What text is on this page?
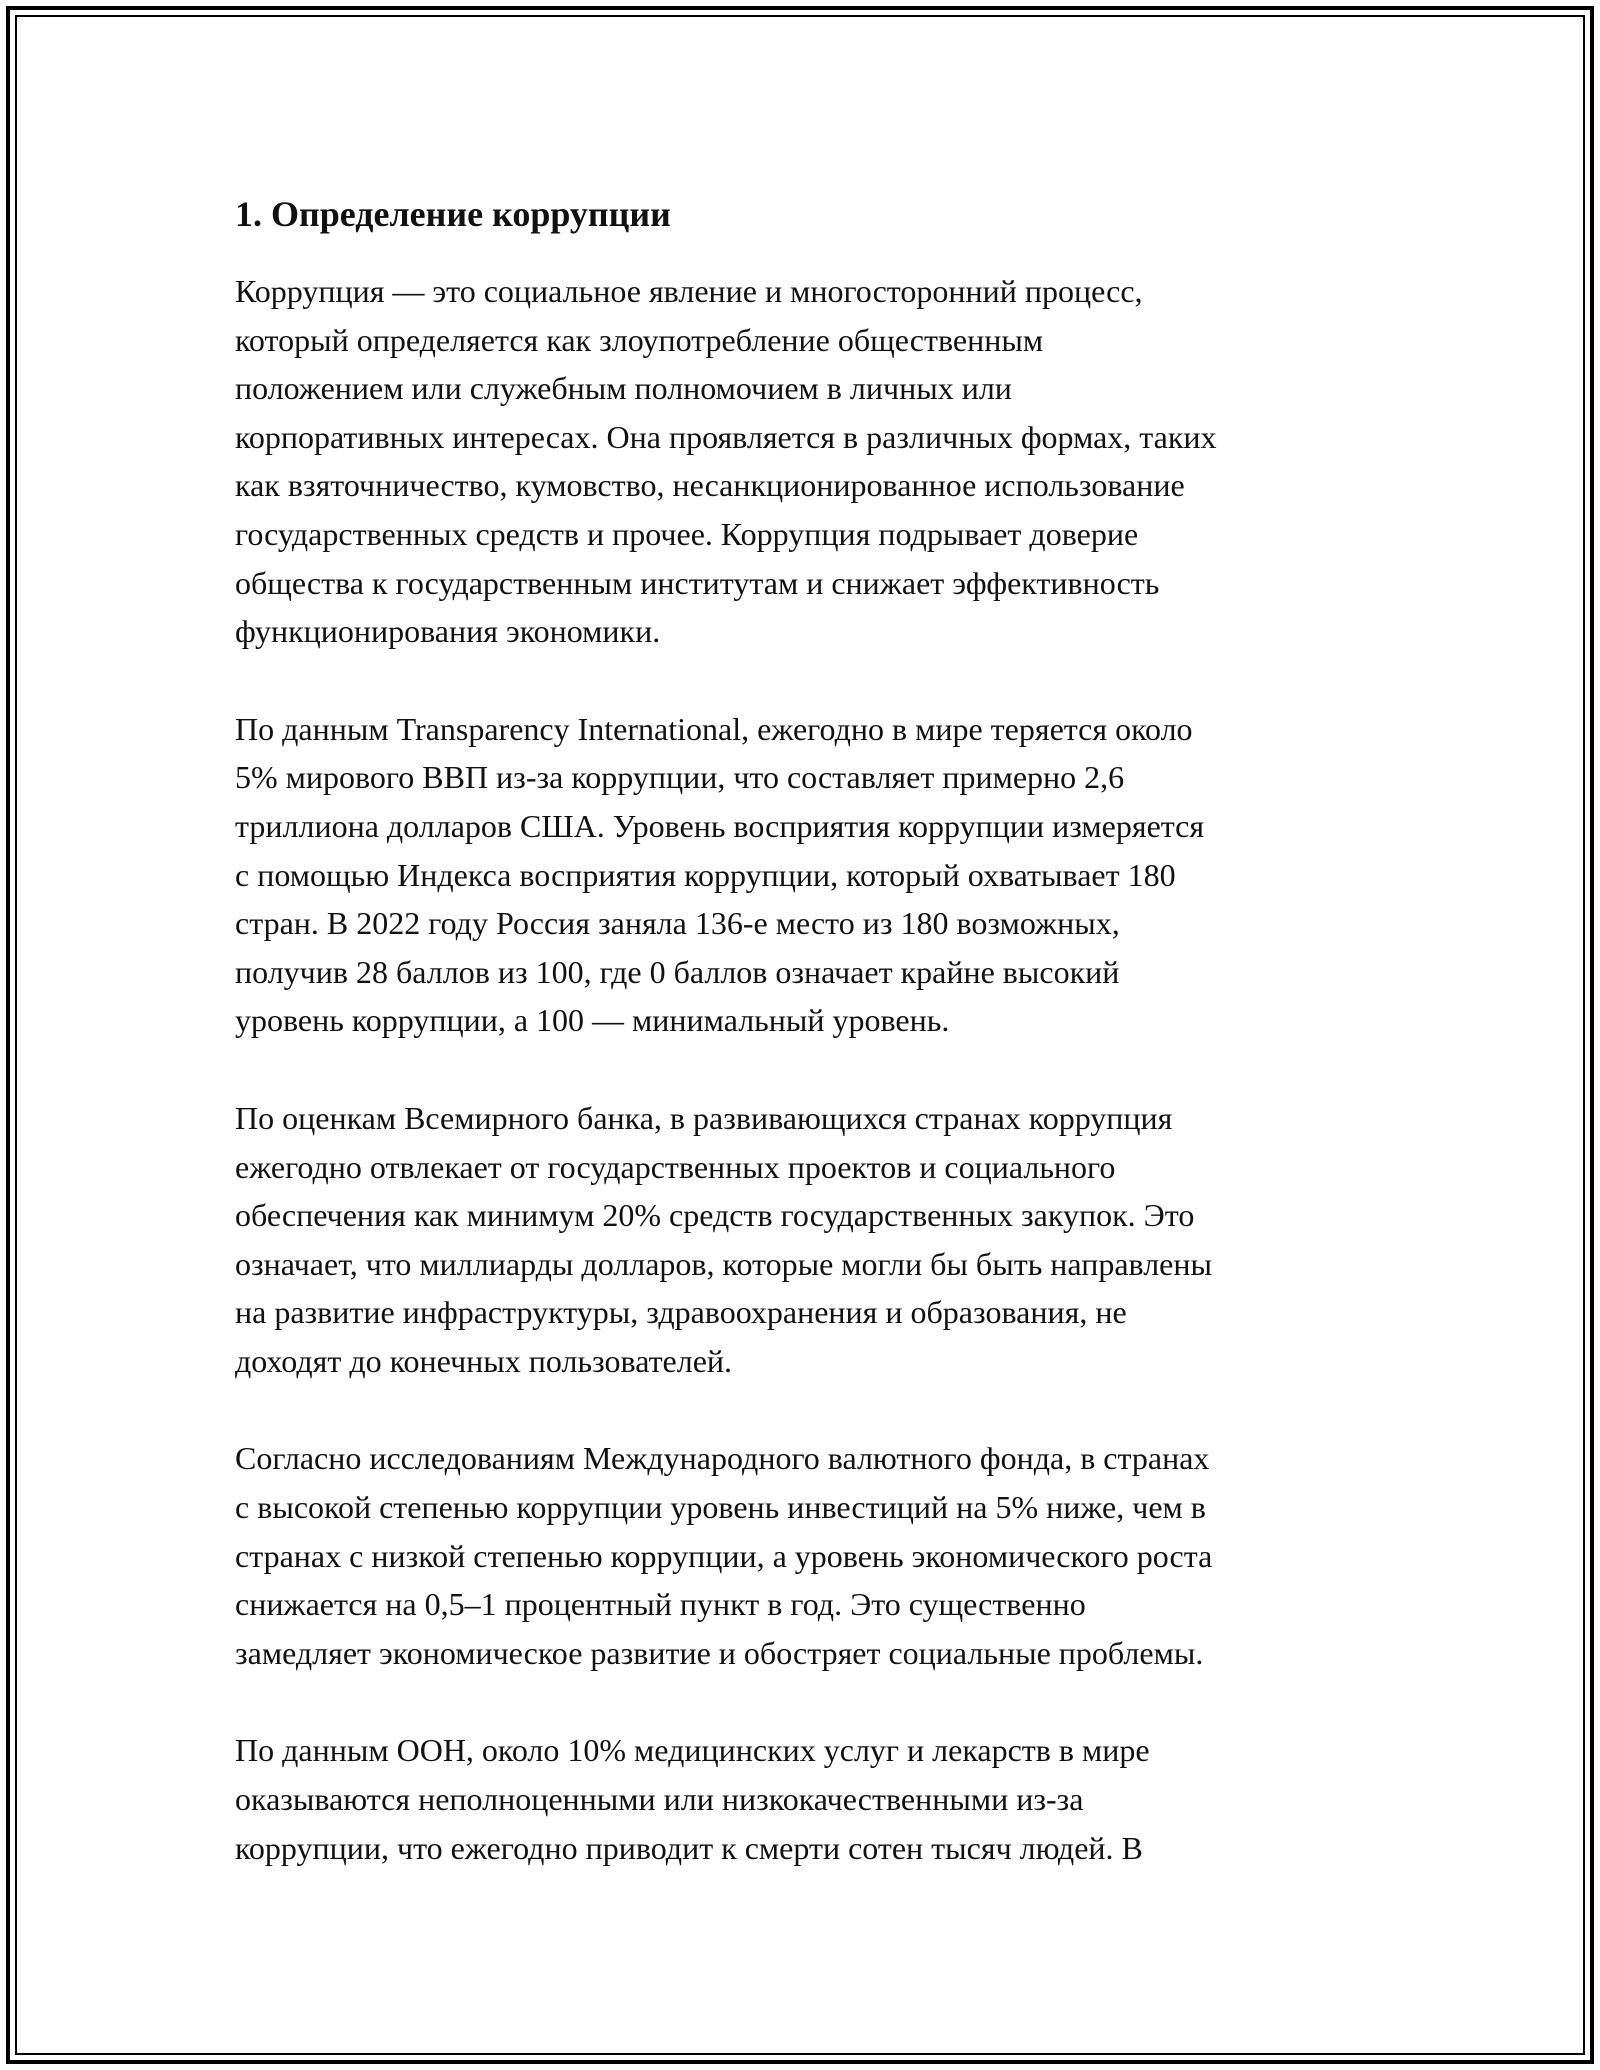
1. Определение коррупции

Коррупция — это социальное явление и многосторонний процесс,
который определяется как злоупотребление общественным
положением или служебным полномочием в личных или
корпоративных интересах. Она проявляется в различных формах, таких
как взяточничество, кумовство, несанкционированное использование
государственных средств и прочее. Коррупция подрывает доверие
общества к государственным институтам и снижает эффективность
функционирования экономики.

По данным Transparency International, ежегодно в мире теряется около
5% мирового ВВП из-за коррупции, что составляет примерно 2,6
триллиона долларов США. Уровень восприятия коррупции измеряется
с помощью Индекса восприятия коррупции, который охватывает 180
стран. В 2022 году Россия заняла 136-е место из 180 возможных,
получив 28 баллов из 100, где 0 баллов означает крайне высокий
уровень коррупции, а 100 — минимальный уровень.

По оценкам Всемирного банка, в развивающихся странах коррупция
ежегодно отвлекает от государственных проектов и социального
обеспечения как минимум 20% средств государственных закупок. Это
означает, что миллиарды долларов, которые могли бы быть направлены
на развитие инфраструктуры, здравоохранения и образования, не
доходят до конечных пользователей.

Согласно исследованиям Международного валютного фонда, в странах
с высокой степенью коррупции уровень инвестиций на 5% ниже, чем в
странах с низкой степенью коррупции, а уровень экономического роста
снижается на 0,5–1 процентный пункт в год. Это существенно
замедляет экономическое развитие и обостряет социальные проблемы.

По данным ООН, около 10% медицинских услуг и лекарств в мире
оказываются неполноценными или низкокачественными из-за
коррупции, что ежегодно приводит к смерти сотен тысяч людей. В
